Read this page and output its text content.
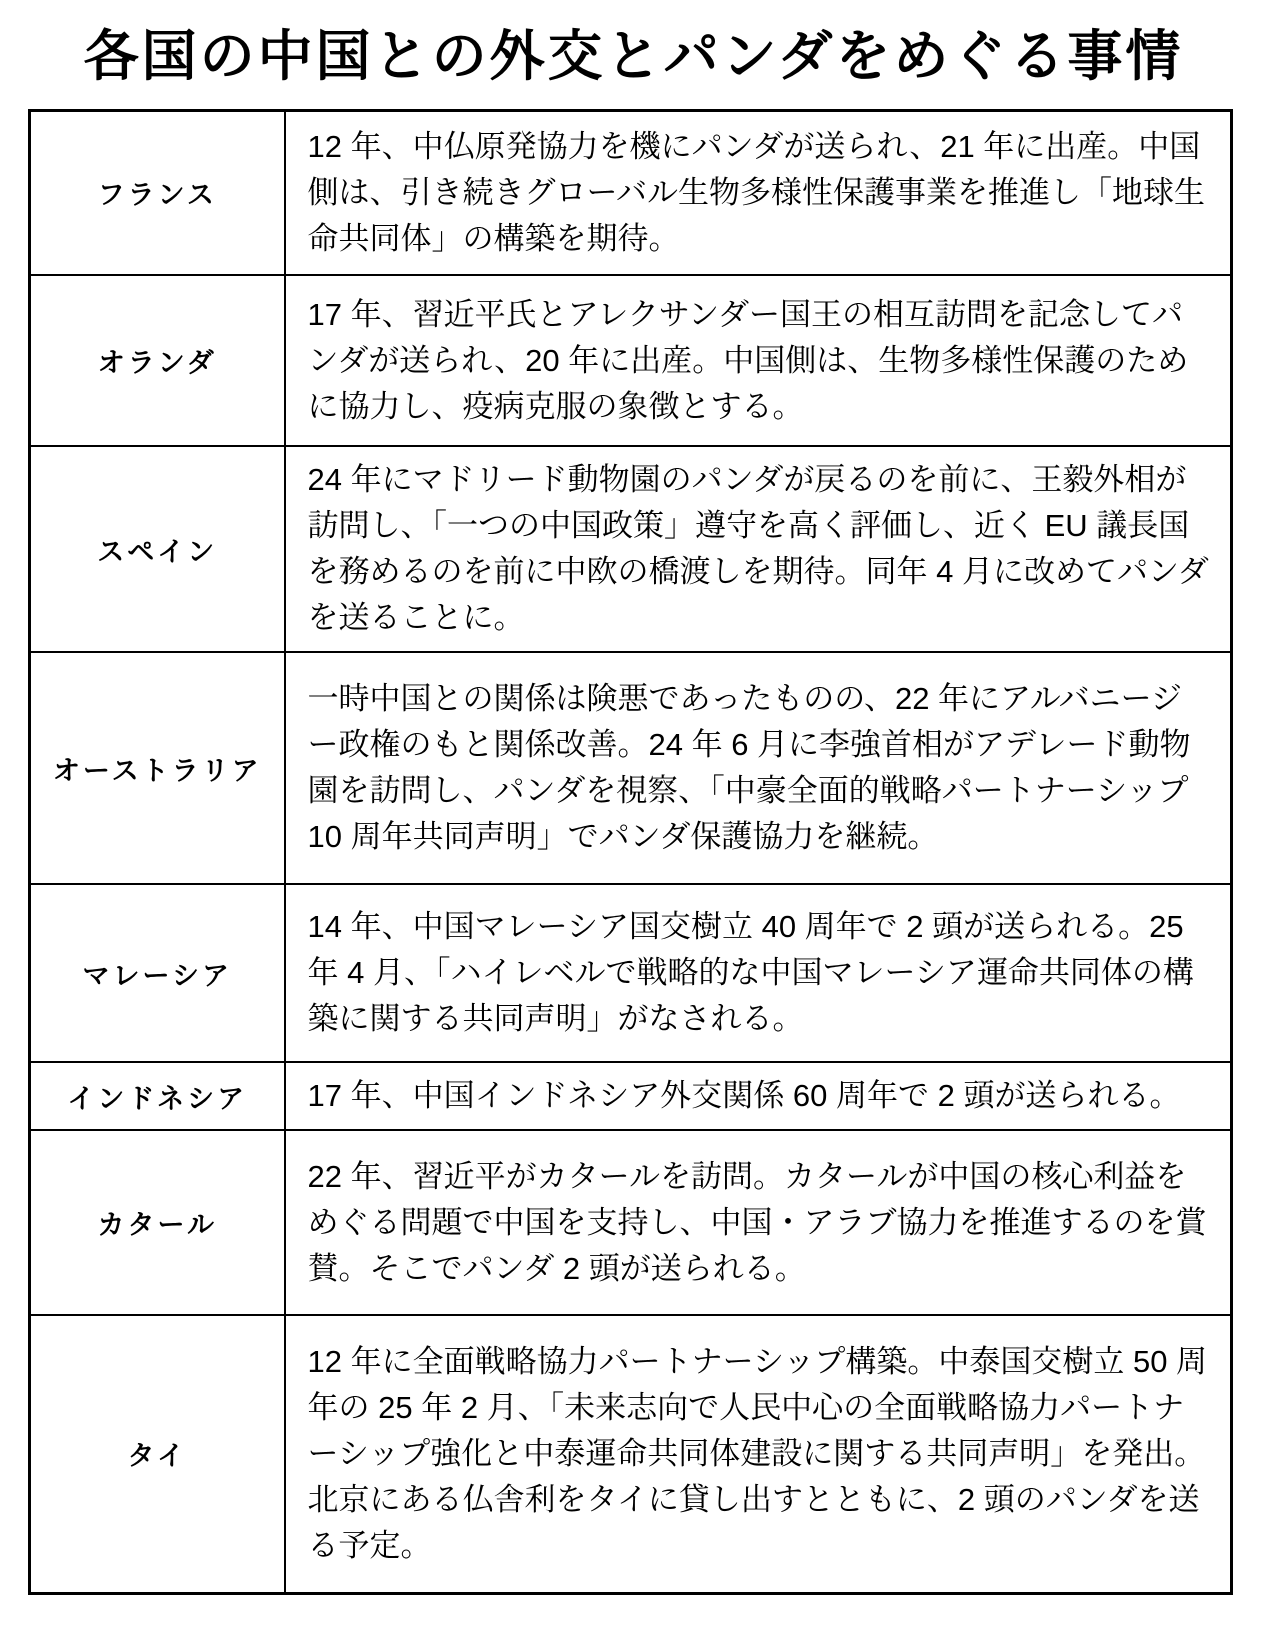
各国の中国との外交とパンダをめぐる事情
フランス	12 年、中仏原発協力を機にパンダが送られ、21 年に出産。中国側は、引き続きグローバル生物多様性保護事業を推進し「地球生命共同体」の構築を期待。
オランダ	17 年、習近平氏とアレクサンダー国王の相互訪問を記念してパンダが送られ、20 年に出産。中国側は、生物多様性保護のために協力し、疫病克服の象徴とする。
スペイン	24 年にマドリード動物園のパンダが戻るのを前に、王毅外相が訪問し、「一つの中国政策」遵守を高く評価し、近く EU 議長国を務めるのを前に中欧の橋渡しを期待。同年 4 月に改めてパンダを送ることに。
オーストラリア	一時中国との関係は険悪であったものの、22 年にアルバニージー政権のもと関係改善。24 年 6 月に李強首相がアデレード動物園を訪問し、パンダを視察、「中豪全面的戦略パートナーシップ 10 周年共同声明」でパンダ保護協力を継続。
マレーシア	14 年、中国マレーシア国交樹立 40 周年で 2 頭が送られる。25 年 4 月、「ハイレベルで戦略的な中国マレーシア運命共同体の構築に関する共同声明」がなされる。
インドネシア	17 年、中国インドネシア外交関係 60 周年で 2 頭が送られる。
カタール	22 年、習近平がカタールを訪問。カタールが中国の核心利益をめぐる問題で中国を支持し、中国・アラブ協力を推進するのを賞賛。そこでパンダ 2 頭が送られる。
タイ	12 年に全面戦略協力パートナーシップ構築。中泰国交樹立 50 周年の 25 年 2 月、「未来志向で人民中心の全面戦略協力パートナーシップ強化と中泰運命共同体建設に関する共同声明」を発出。北京にある仏舎利をタイに貸し出すとともに、2 頭のパンダを送る予定。
